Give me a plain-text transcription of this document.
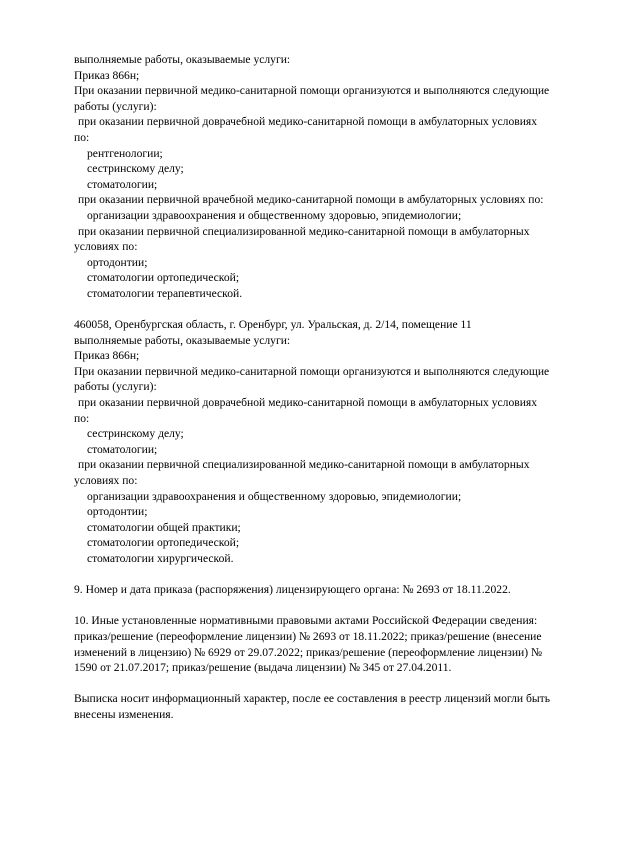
выполняемые работы, оказываемые услуги:
Приказ 866н;
При оказании первичной медико-санитарной помощи организуются и выполняются следующие
работы (услуги):
при оказании первичной доврачебной медико-санитарной помощи в амбулаторных условиях
по:
рентгенологии;
сестринскому делу;
стоматологии;
при оказании первичной врачебной медико-санитарной помощи в амбулаторных условиях по:
организации здравоохранения и общественному здоровью, эпидемиологии;
при оказании первичной специализированной медико-санитарной помощи в амбулаторных
условиях по:
ортодонтии;
стоматологии ортопедической;
стоматологии терапевтической.
460058, Оренбургская область, г. Оренбург, ул. Уральская, д. 2/14, помещение 11
выполняемые работы, оказываемые услуги:
Приказ 866н;
При оказании первичной медико-санитарной помощи организуются и выполняются следующие
работы (услуги):
при оказании первичной доврачебной медико-санитарной помощи в амбулаторных условиях
по:
сестринскому делу;
стоматологии;
при оказании первичной специализированной медико-санитарной помощи в амбулаторных
условиях по:
организации здравоохранения и общественному здоровью, эпидемиологии;
ортодонтии;
стоматологии общей практики;
стоматологии ортопедической;
стоматологии хирургической.
9. Номер и дата приказа (распоряжения) лицензирующего органа: № 2693 от 18.11.2022.
10. Иные установленные нормативными правовыми актами Российской Федерации сведения:
приказ/решение (переоформление лицензии) № 2693 от 18.11.2022; приказ/решение (внесение
изменений в лицензию) № 6929 от 29.07.2022; приказ/решение (переоформление лицензии) №
1590 от 21.07.2017; приказ/решение (выдача лицензии) № 345 от 27.04.2011.
Выписка носит информационный характер, после ее составления в реестр лицензий могли быть
внесены изменения.
